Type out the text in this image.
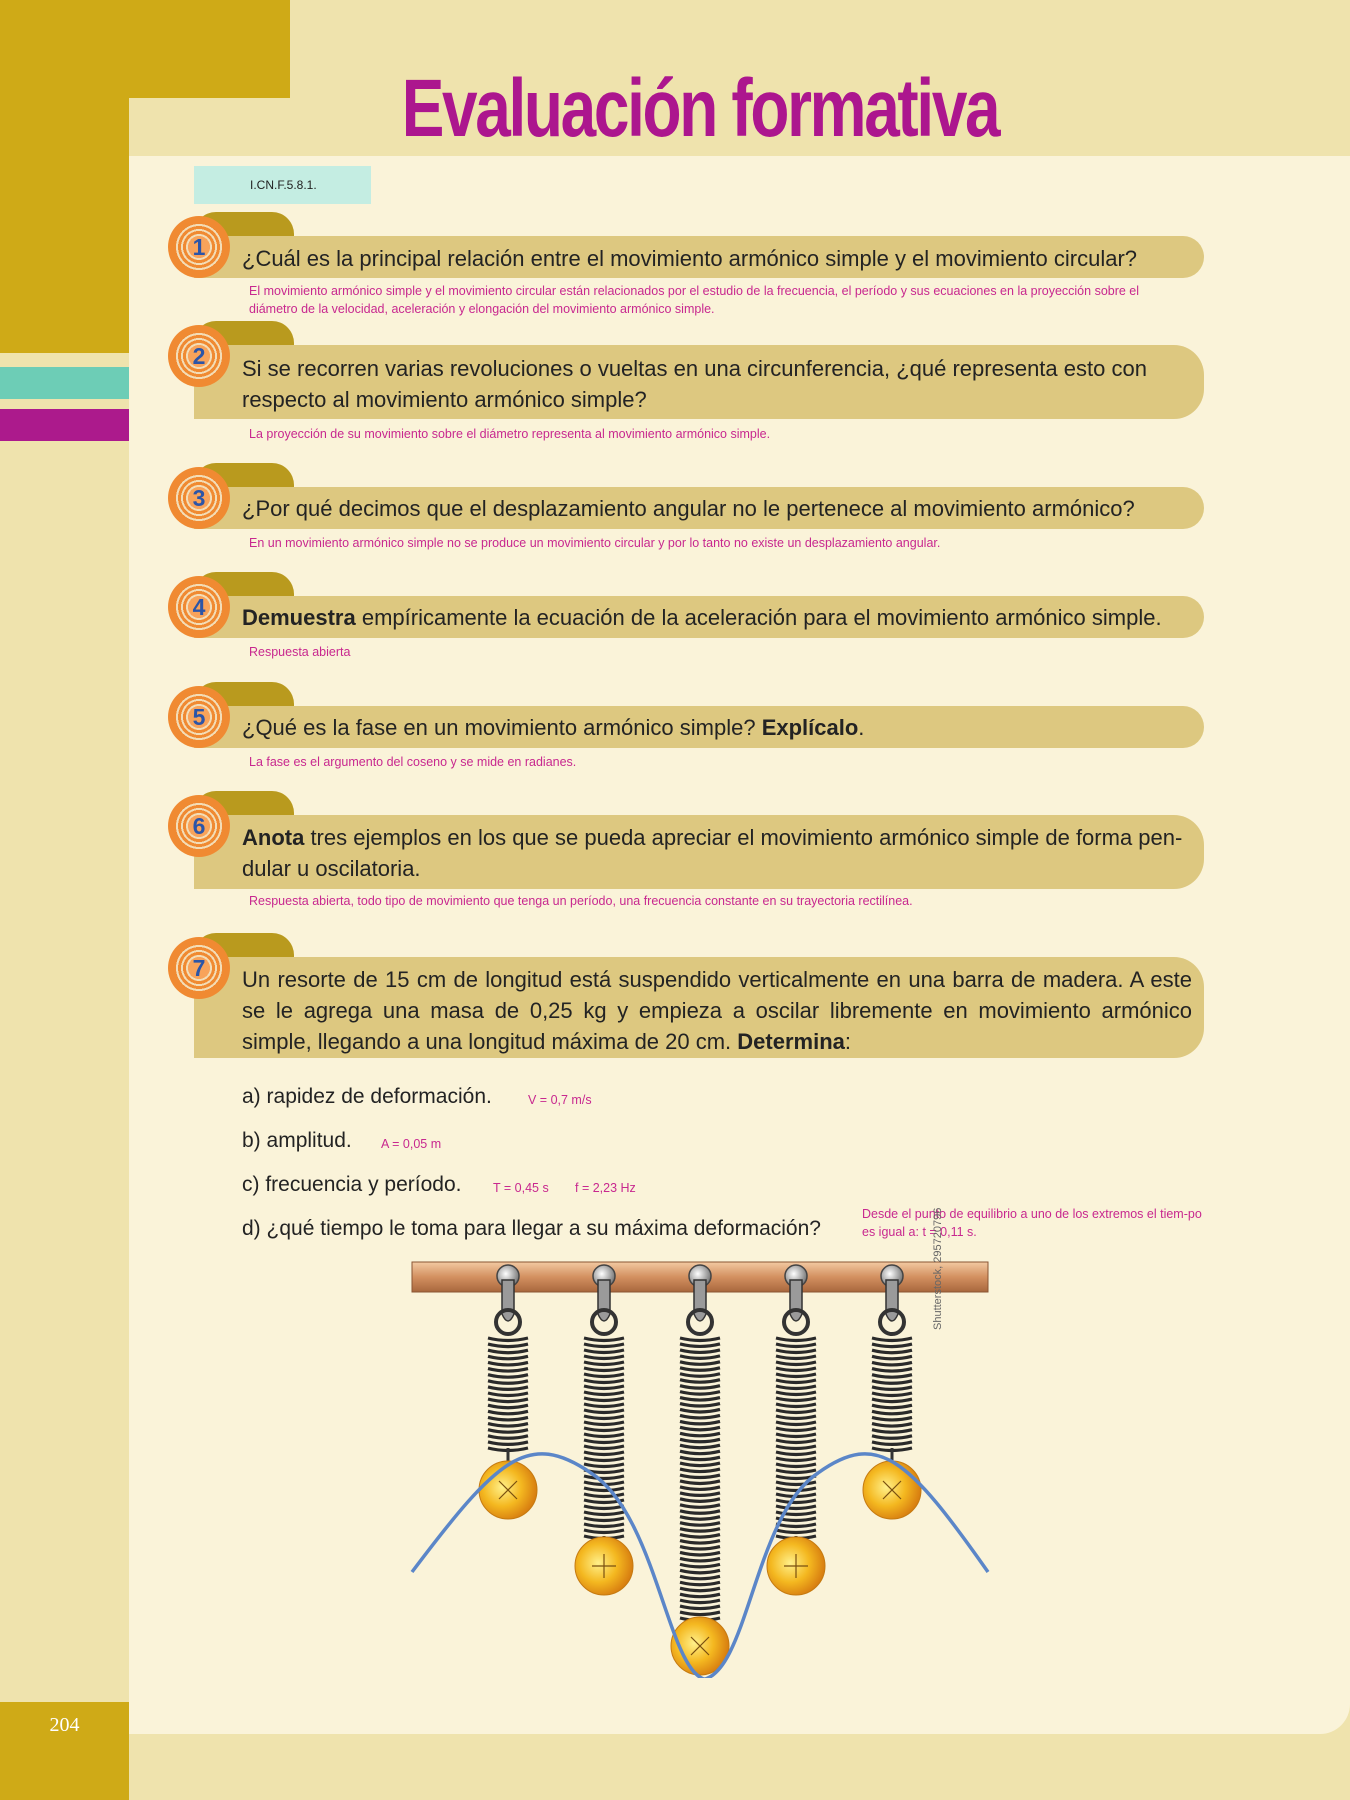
204
Evaluación formativa
I.CN.F.5.8.1.
1	¿Cuál es la principal relación entre el movimiento armónico simple y el movimiento circular?
El movimiento armónico simple y el movimiento circular están relacionados por el estudio de la frecuencia, el período y sus ecuaciones en la proyección sobre el diámetro de la velocidad, aceleración y elongación del movimiento armónico simple.
2	Si se recorren varias revoluciones o vueltas en una circunferencia, ¿qué representa esto con respecto al movimiento armónico simple?
La proyección de su movimiento sobre el diámetro representa al movimiento armónico simple.
3	¿Por qué decimos que el desplazamiento angular no le pertenece al movimiento armónico?
En un movimiento armónico simple no se produce un movimiento circular y por lo tanto no existe un desplazamiento angular.
4	Demuestra empíricamente la ecuación de la aceleración para el movimiento armónico simple.
Respuesta abierta
5	¿Qué es la fase en un movimiento armónico simple? Explícalo.
La fase es el argumento del coseno y se mide en radianes.
6	Anota tres ejemplos en los que se pueda apreciar el movimiento armónico simple de forma pen-dular u oscilatoria.
Respuesta abierta, todo tipo de movimiento que tenga un período, una frecuencia constante en su trayectoria rectilínea.
7	Un resorte de 15 cm de longitud está suspendido verticalmente en una barra de madera. A este se le agrega una masa de 0,25 kg y empieza a oscilar libremente en movimiento armónico simple, llegando a una longitud máxima de 20 cm. Determina:
a) rapidez de deformación.	V = 0,7 m/s
b) amplitud. A = 0,05 m
c) frecuencia y período.	T = 0,45 s f = 2,23 Hz
d) ¿qué tiempo le toma para llegar a su máxima deformación?
Desde el punto de equilibrio a uno de los extremos el tiem-po es igual a: t = 0,11 s.
Shutterstock, 295720796
